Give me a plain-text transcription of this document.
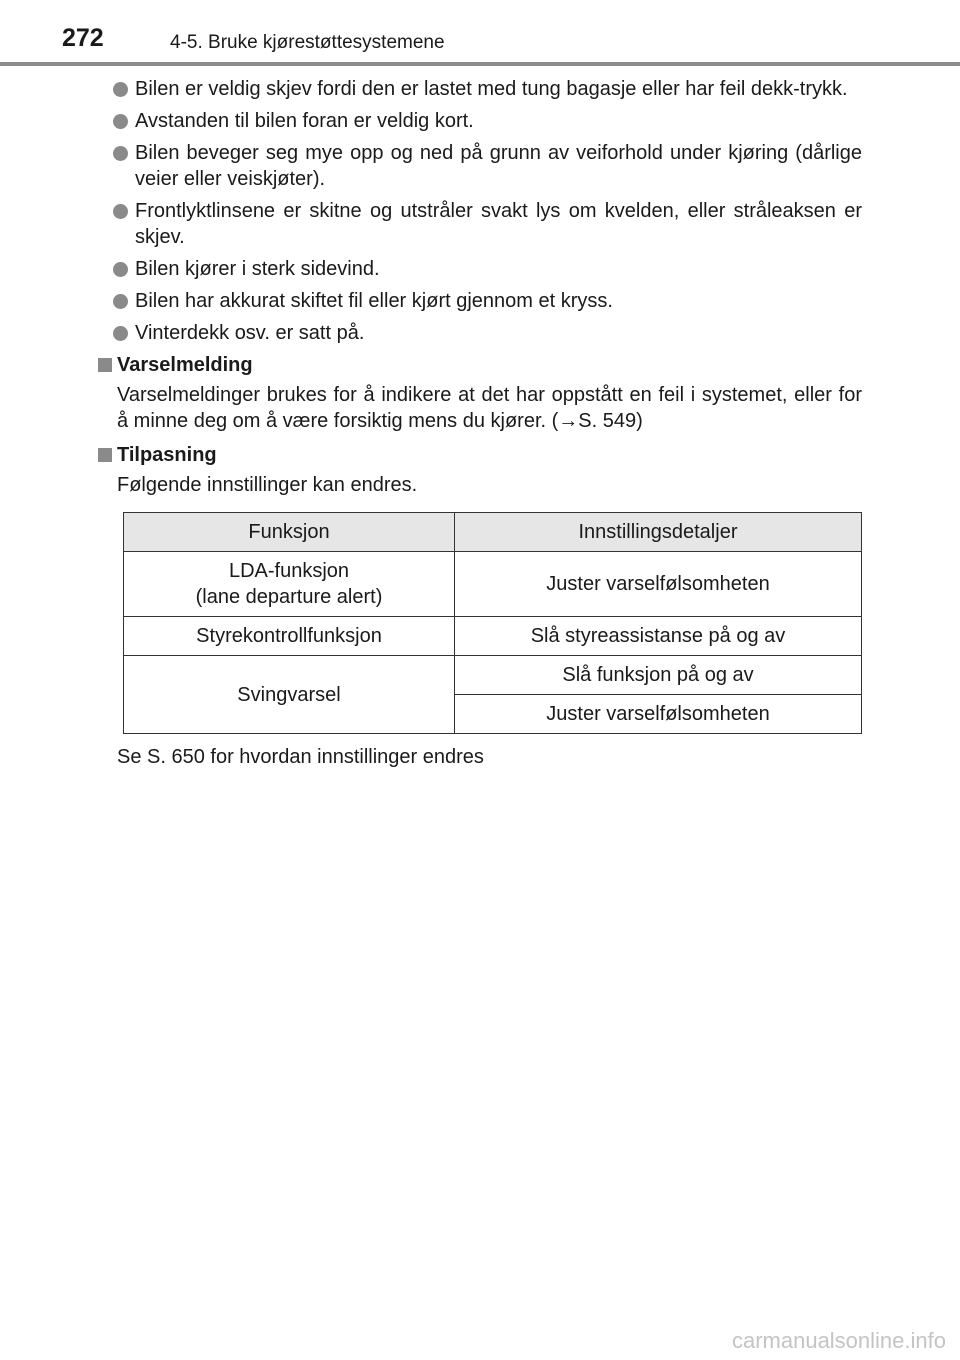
272	4-5. Bruke kjørestøttesystemene
Bilen er veldig skjev fordi den er lastet med tung bagasje eller har feil dekk-trykk.
Avstanden til bilen foran er veldig kort.
Bilen beveger seg mye opp og ned på grunn av veiforhold under kjøring (dårlige veier eller veiskjøter).
Frontlyktlinsene er skitne og utstråler svakt lys om kvelden, eller stråleaksen er skjev.
Bilen kjører i sterk sidevind.
Bilen har akkurat skiftet fil eller kjørt gjennom et kryss.
Vinterdekk osv. er satt på.
Varselmelding
Varselmeldinger brukes for å indikere at det har oppstått en feil i systemet, eller for å minne deg om å være forsiktig mens du kjører. (→S. 549)
Tilpasning
Følgende innstillinger kan endres.
Funksjon	Innstillingsdetaljer

LDA-funksjon
(lane departure alert)	Juster varselfølsomheten
Styrekontrollfunksjon	Slå styreassistanse på og av
Svingvarsel	Slå funksjon på og av
	Juster varselfølsomheten
Se S. 650 for hvordan innstillinger endres
carmanualsonline.info
